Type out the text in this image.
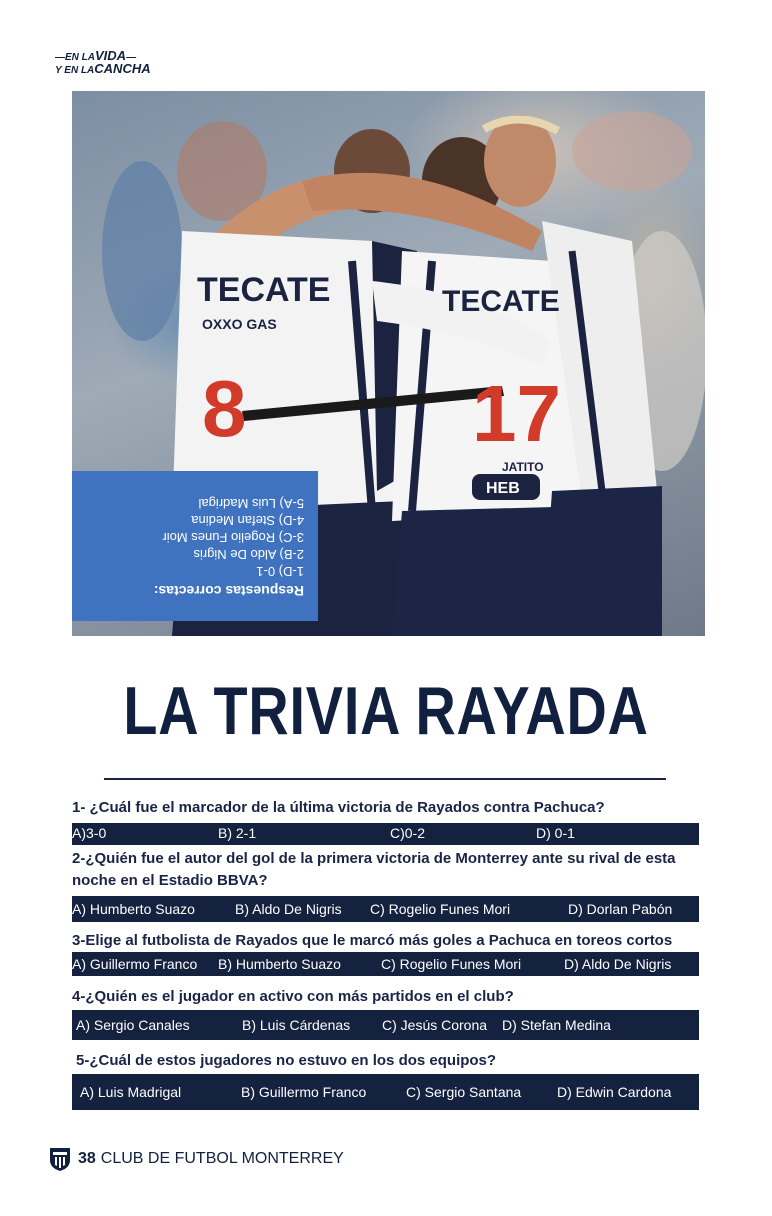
—EN LAVIDA—
Y EN LACANCHA
TECATE
OXXO GAS
8
TECATE
17
JATITO
HEB
Respuestas correctas:
1-D) 0-1
2-B) Aldo De Nigris
3-C) Rogelio Funes Moir
4-D) Stefan Medina
5-A) Luis Madrigal
LA TRIVIA RAYADA
1- ¿Cuál fue el marcador de la última victoria de Rayados contra Pachuca?
A)3-0	B) 2-1	C)0-2	D) 0-1
2-¿Quién fue el autor del gol de la primera victoria de Monterrey ante su rival de esta noche en el Estadio BBVA?
A) Humberto Suazo	B) Aldo De Nigris C) Rogelio Funes Mori	D) Dorlan Pabón
3-Elige al futbolista de Rayados que le marcó más goles a Pachuca en toreos cortos
A) Guillermo Franco B) Humberto Suazo	C) Rogelio Funes Mori	D) Aldo De Nigris
4-¿Quién es el jugador en activo con más partidos en el club?
A) Sergio Canales	B) Luis Cárdenas C) Jesús Corona D) Stefan Medina
5-¿Cuál de estos jugadores no estuvo en los dos equipos?
A) Luis Madrigal	B) Guillermo Franco	C) Sergio Santana	D) Edwin Cardona
38 CLUB DE FUTBOL MONTERREY
